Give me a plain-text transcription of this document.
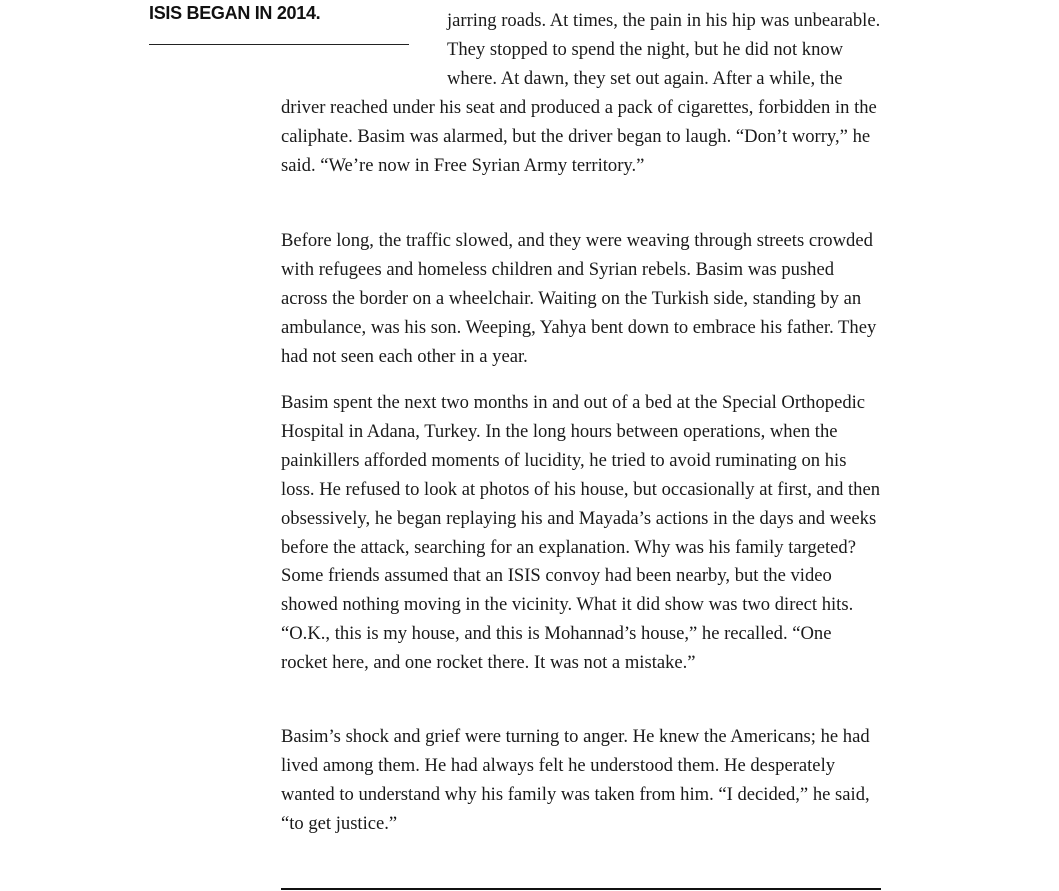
ISIS BEGAN IN 2014.	jarring roads. At times, the pain in his hip was unbearable. They stopped to spend the night, but he did not know where. At dawn, they set out again. After a while, the driver reached under his seat and produced a pack of cigarettes, forbidden in the caliphate. Basim was alarmed, but the driver began to laugh. “Don’t worry,” he said. “We’re now in Free Syrian Army territory.”

Before long, the traffic slowed, and they were weaving through streets crowded with refugees and homeless children and Syrian rebels. Basim was pushed across the border on a wheelchair. Waiting on the Turkish side, standing by an ambulance, was his son. Weeping, Yahya bent down to embrace his father. They had not seen each other in a year.

Basim spent the next two months in and out of a bed at the Special Orthopedic Hospital in Adana, Turkey. In the long hours between operations, when the painkillers afforded moments of lucidity, he tried to avoid ruminating on his loss. He refused to look at photos of his house, but occasionally at first, and then obsessively, he began replaying his and Mayada’s actions in the days and weeks before the attack, searching for an explanation. Why was his family targeted? Some friends assumed that an ISIS convoy had been nearby, but the video showed nothing moving in the vicinity. What it did show was two direct hits. “O.K., this is my house, and this is Mohannad’s house,” he recalled. “One rocket here, and one rocket there. It was not a mistake.”

Basim’s shock and grief were turning to anger. He knew the Americans; he had lived among them. He had always felt he understood them. He desperately wanted to understand why his family was taken from him. “I decided,” he said, “to get justice.”
